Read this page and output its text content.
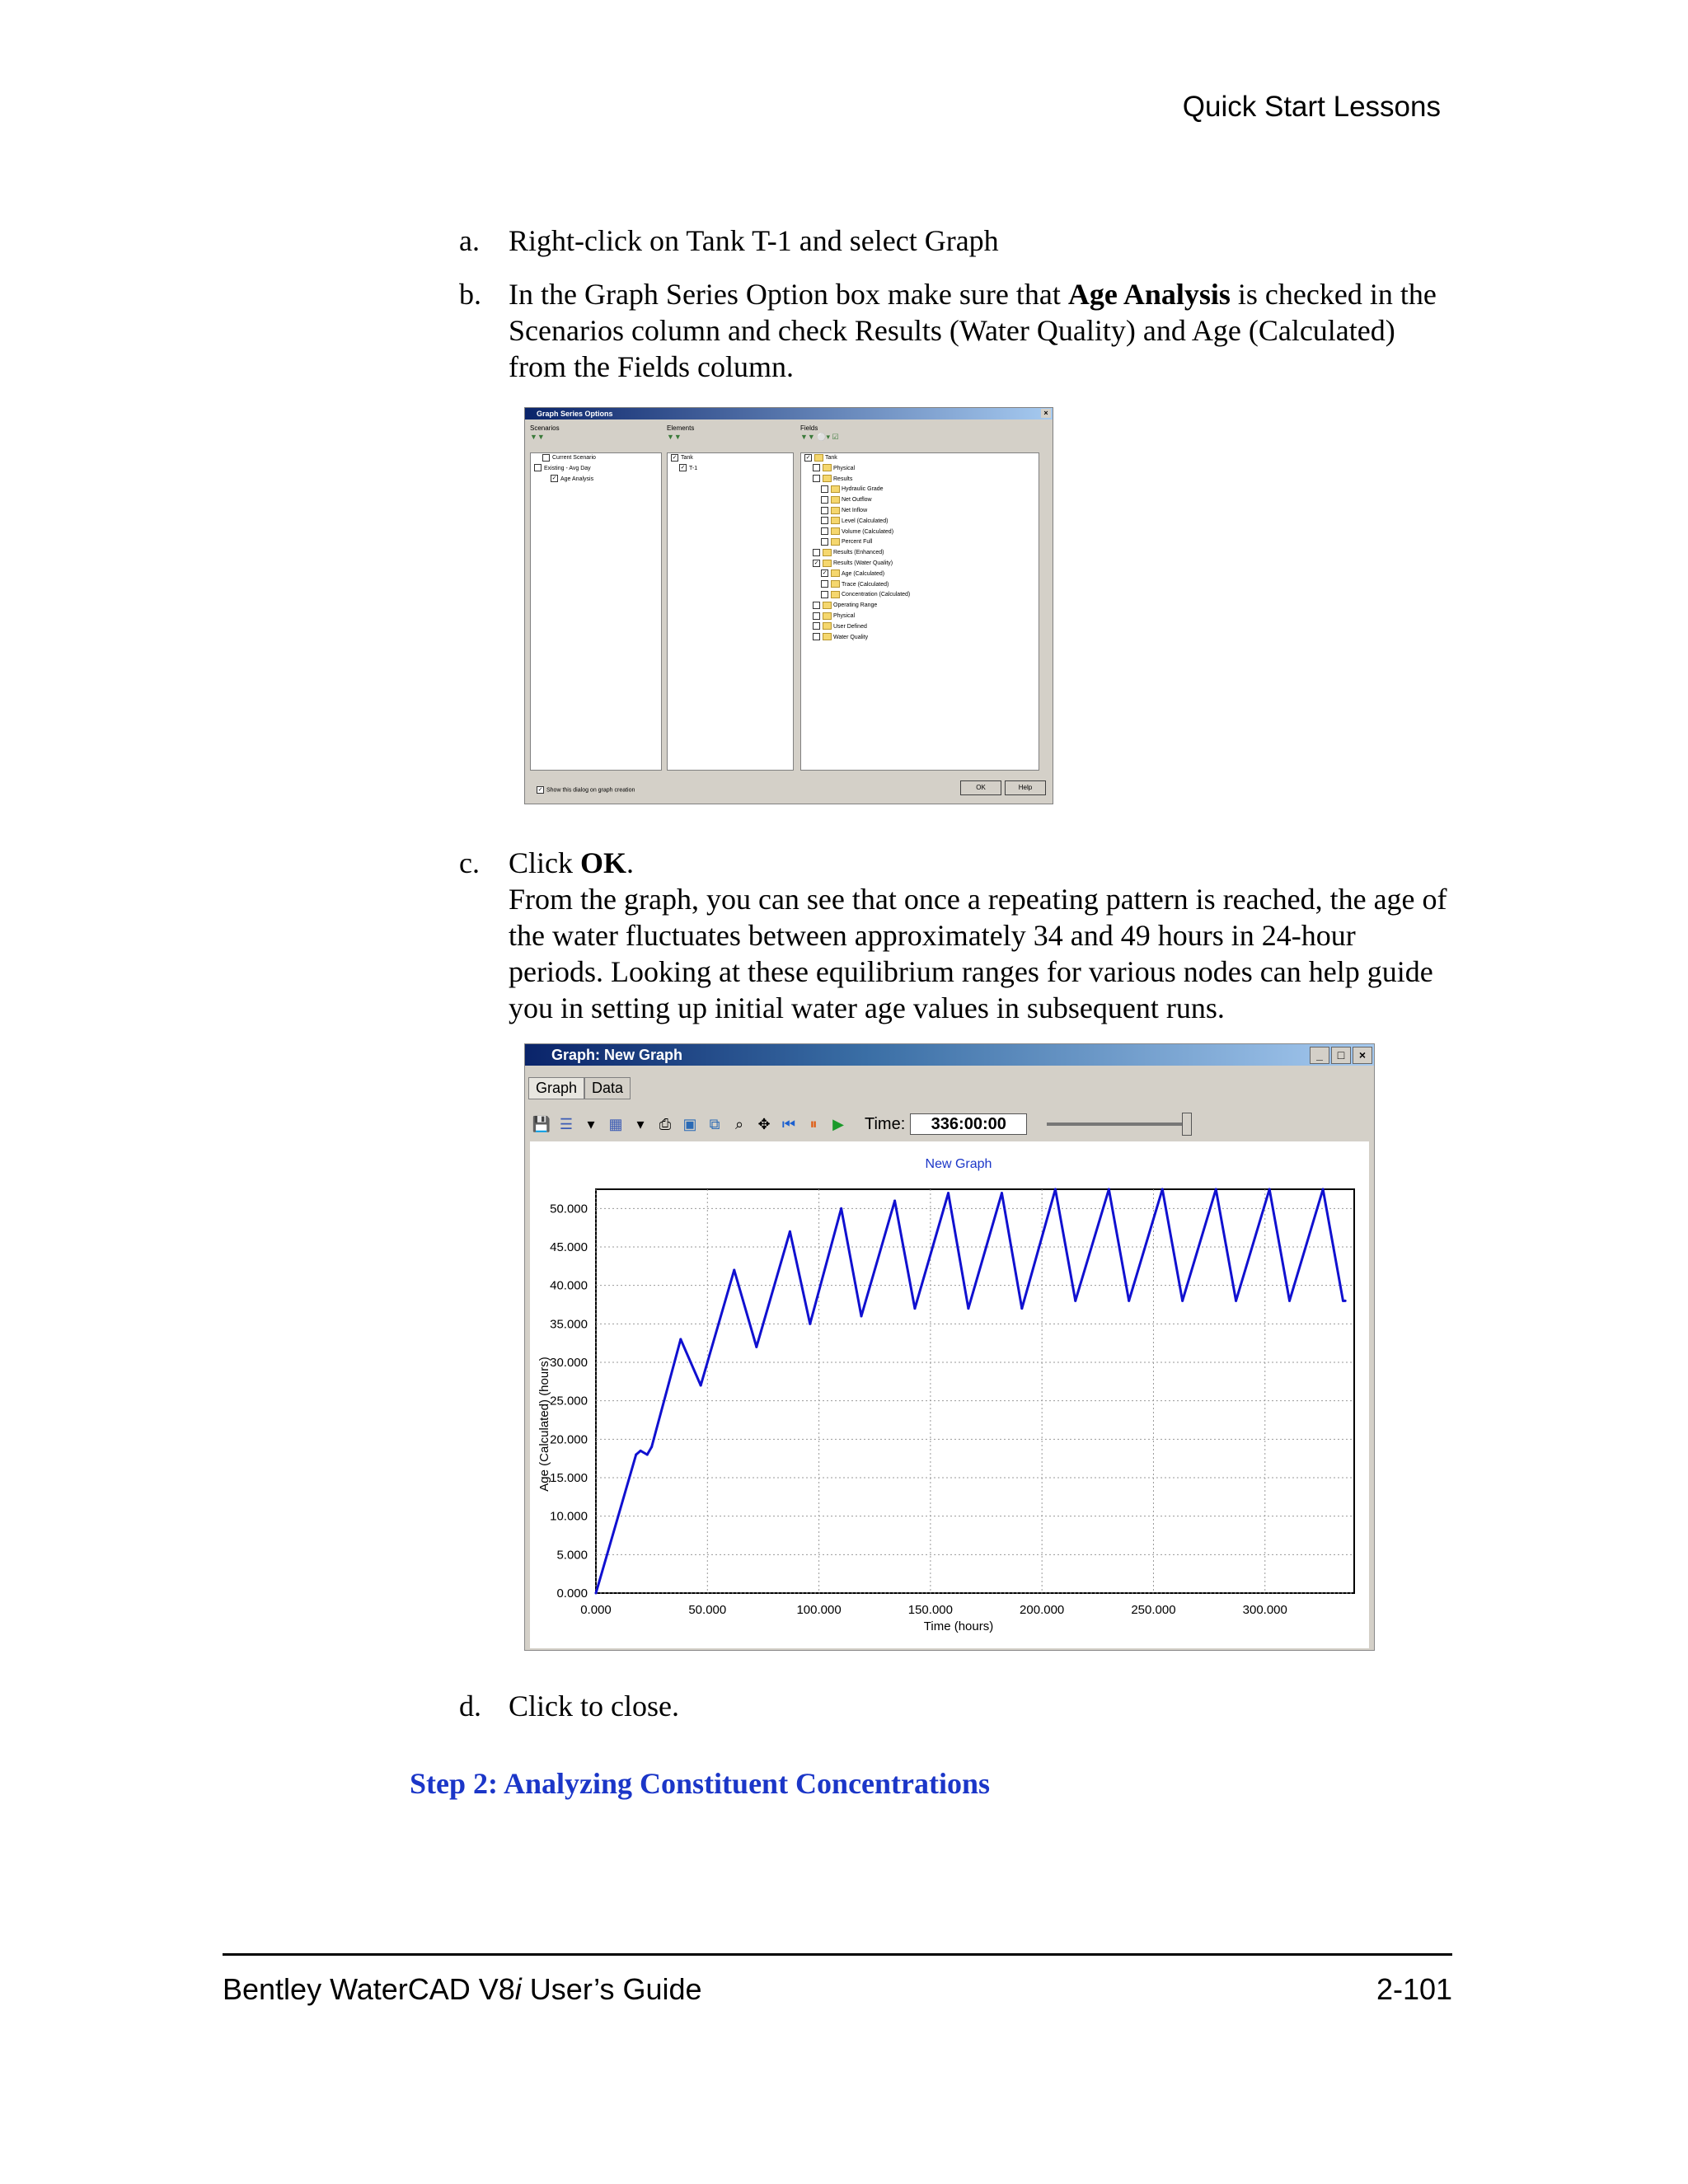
Quick Start Lessons
a. Right-click on Tank T-1 and select Graph
b. In the Graph Series Option box make sure that Age Analysis is checked in the Scenarios column and check Results (Water Quality) and Age (Calculated) from the Fields column.
Graph Series Options	×
Scenarios
▼▼
Current Scenario
Existing - Avg Day
✓ Age Analysis
Elements
▼▼
✓ Tank
✓ T-1
Fields
▼▼ ⚪▾ ☑
✓	Tank
Physical
Results
Hydraulic Grade
Net Outflow
Net Inflow
Level (Calculated)
Volume (Calculated)
Percent Full
Results (Enhanced)
✓	Results (Water Quality)
✓	Age (Calculated)
Trace (Calculated)
Concentration (Calculated)
Operating Range
Physical
User Defined
Water Quality
✓ Show this dialog on graph creation	OK	Help
c. Click OK.
From the graph, you can see that once a repeating pattern is reached, the age of the water fluctuates between approximately 34 and 49 hours in 24-hour periods. Looking at these equilibrium ranges for various nodes can help guide you in setting up initial water age values in subsequent runs.
Graph: New Graph	_	□	×
Graph	Data
💾 ☰ ▾ ▦ ▾	⎙ ▣ ⧉	⌕ ✥ ⏮ ⏸	▶ Time:	336:00:00
New Graph
0.000
5.000
10.000
15.000
20.000
25.000
30.000
35.000
40.000
45.000
50.000
0.000	50.000	100.000	150.000	200.000	250.000	300.000
Time (hours)
Age (Calculated) (hours)
d. Click to close.
Step 2: Analyzing Constituent Concentrations
Bentley WaterCAD V8i User’s Guide	2-101
